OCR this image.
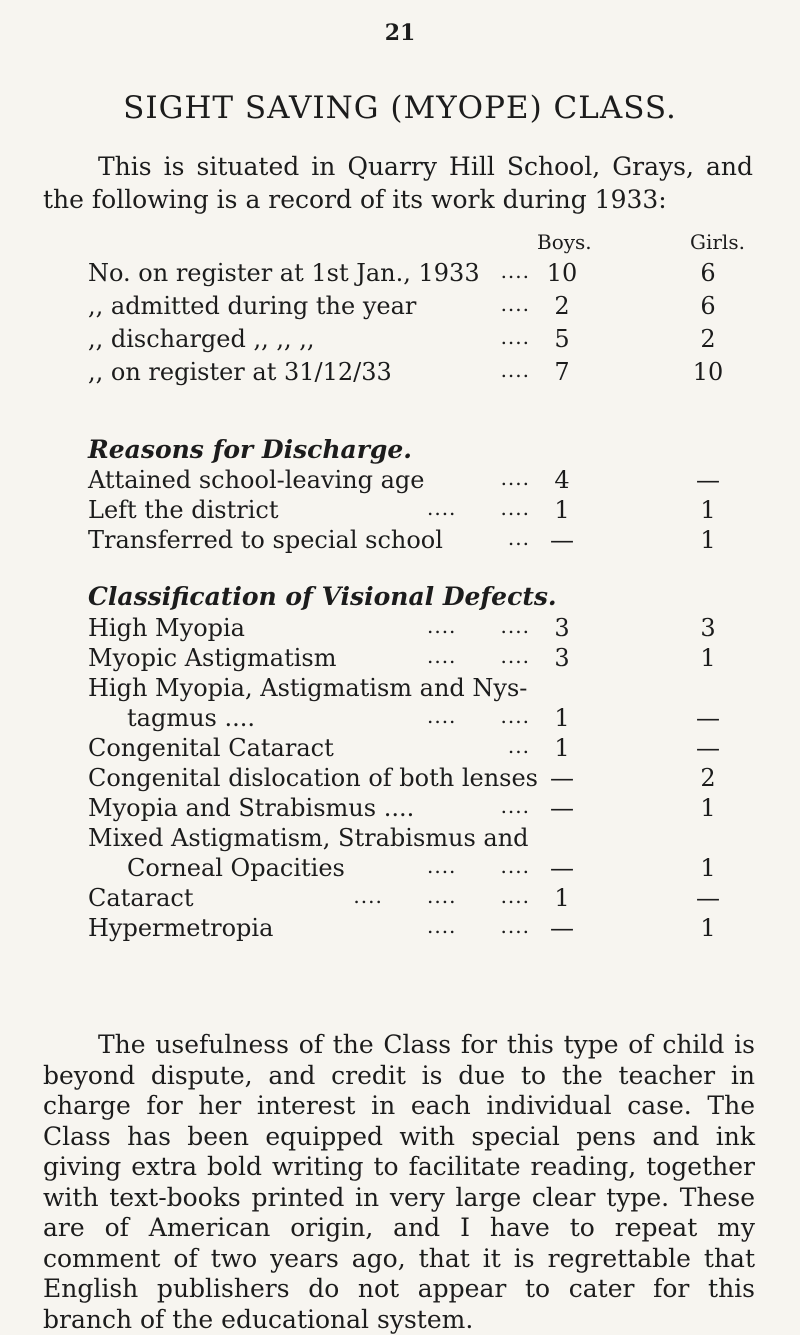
21
SIGHT SAVING (MYOPE) CLASS.
This is situated in Quarry Hill School, Grays, and the following is a record of its work during 1933:
Boys.	Girls.
No. on register at 1st Jan., 1933 .... 10	6
,, admitted during the year	....	2	6
,, discharged ,, ,, ,,	....	5	2
,, on register at 31/12/33	....	7	10
Reasons for Discharge.
Attained school-leaving age	....	4	—
Left the district	....      ....	1	1
Transferred to special school	... —	1
Classification of Visional Defects.
High Myopia	....      ....	3	3
Myopic Astigmatism	....      ....	3	1
High Myopia, Astigmatism and Nys-
tagmus ....	....      ....	1	—
Congenital Cataract	...	1	—
Congenital dislocation of both lenses —	2
Myopia and Strabismus ....	.... —	1
Mixed Astigmatism, Strabismus and
Corneal Opacities	....      .... —	1
Cataract	....      ....      ....	1	—
Hypermetropia	....      .... —	1

The usefulness of the Class for this type of child is beyond dispute, and credit is due to the teacher in charge for her interest in each individual case. The Class has been equipped with special pens and ink giving extra bold writing to facilitate reading, together with text-books printed in very large clear type. These are of American origin, and I have to repeat my comment of two years ago, that it is regrettable that English publishers do not appear to cater for this branch of the educational system.
